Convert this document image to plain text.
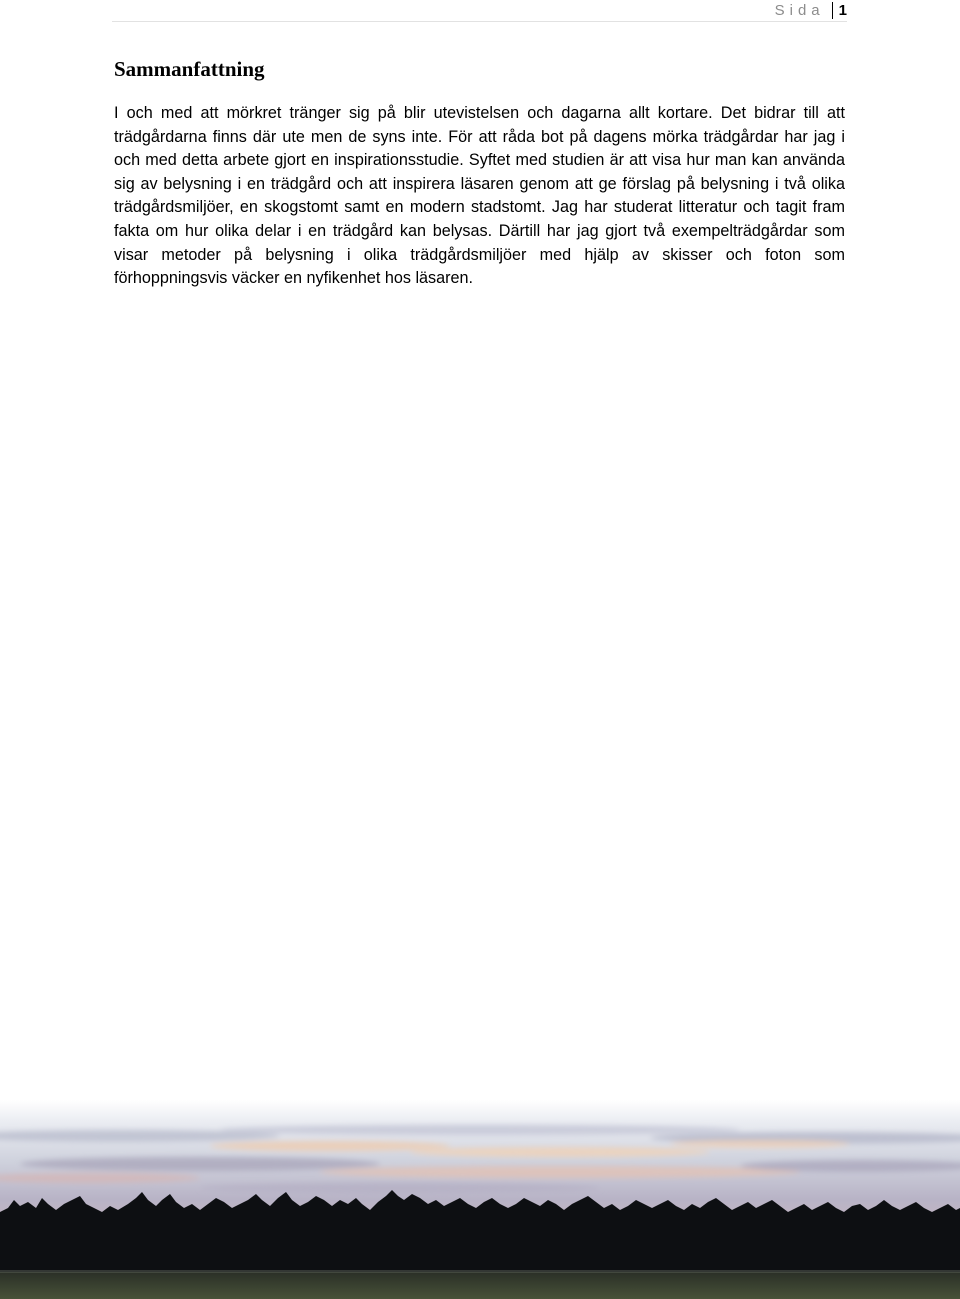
Sida 1
Sammanfattning

I och med att mörkret tränger sig på blir utevistelsen och dagarna allt kortare. Det bidrar till att trädgårdarna finns där ute men de syns inte. För att råda bot på dagens mörka trädgårdar har jag i och med detta arbete gjort en inspirationsstudie. Syftet med studien är att visa hur man kan använda sig av belysning i en trädgård och att inspirera läsaren genom att ge förslag på belysning i två olika trädgårdsmiljöer, en skogstomt samt en modern stadstomt. Jag har studerat litteratur och tagit fram fakta om hur olika delar i en trädgård kan belysas. Därtill har jag gjort två exempelträdgårdar som visar metoder på belysning i olika trädgårdsmiljöer med hjälp av skisser och foton som förhoppningsvis väcker en nyfikenhet hos läsaren.
